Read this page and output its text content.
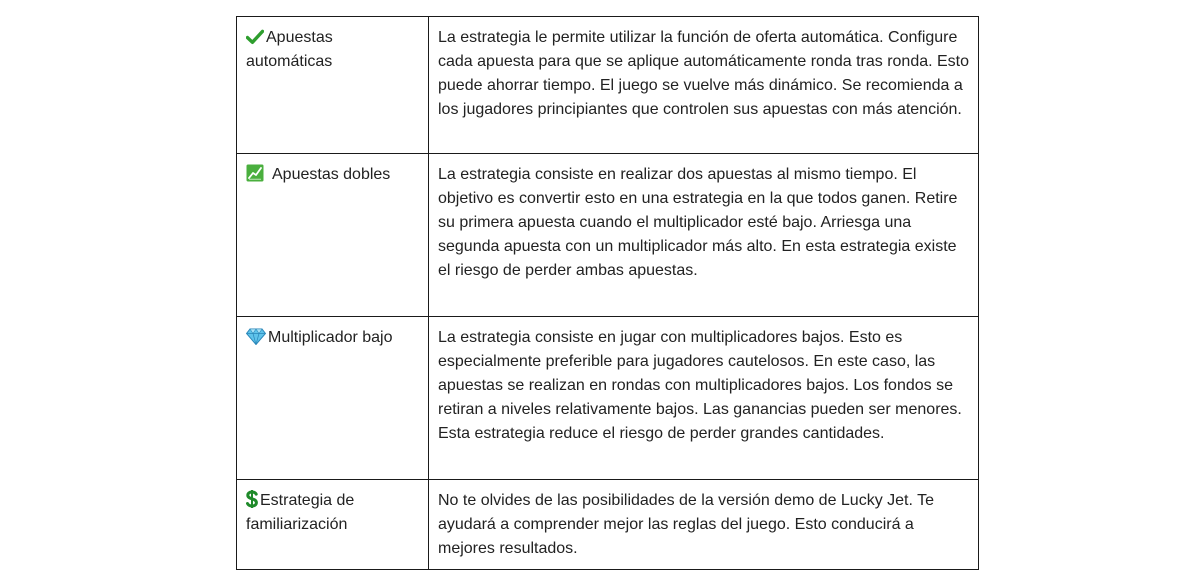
Apuestas automáticas	La estrategia le permite utilizar la función de oferta automática. Configure cada apuesta para que se aplique automáticamente ronda tras ronda. Esto puede ahorrar tiempo. El juego se vuelve más dinámico. Se recomienda a los jugadores principiantes que controlen sus apuestas con más atención.

Apuestas dobles	La estrategia consiste en realizar dos apuestas al mismo tiempo. El objetivo es convertir esto en una estrategia en la que todos ganen. Retire su primera apuesta cuando el multiplicador esté bajo. Arriesga una segunda apuesta con un multiplicador más alto. En esta estrategia existe el riesgo de perder ambas apuestas.

Multiplicador bajo	La estrategia consiste en jugar con multiplicadores bajos. Esto es especialmente preferible para jugadores cautelosos. En este caso, las apuestas se realizan en rondas con multiplicadores bajos. Los fondos se retiran a niveles relativamente bajos. Las ganancias pueden ser menores. Esta estrategia reduce el riesgo de perder grandes cantidades.

Estrategia de familiarización	No te olvides de las posibilidades de la versión demo de Lucky Jet. Te ayudará a comprender mejor las reglas del juego. Esto conducirá a mejores resultados.
